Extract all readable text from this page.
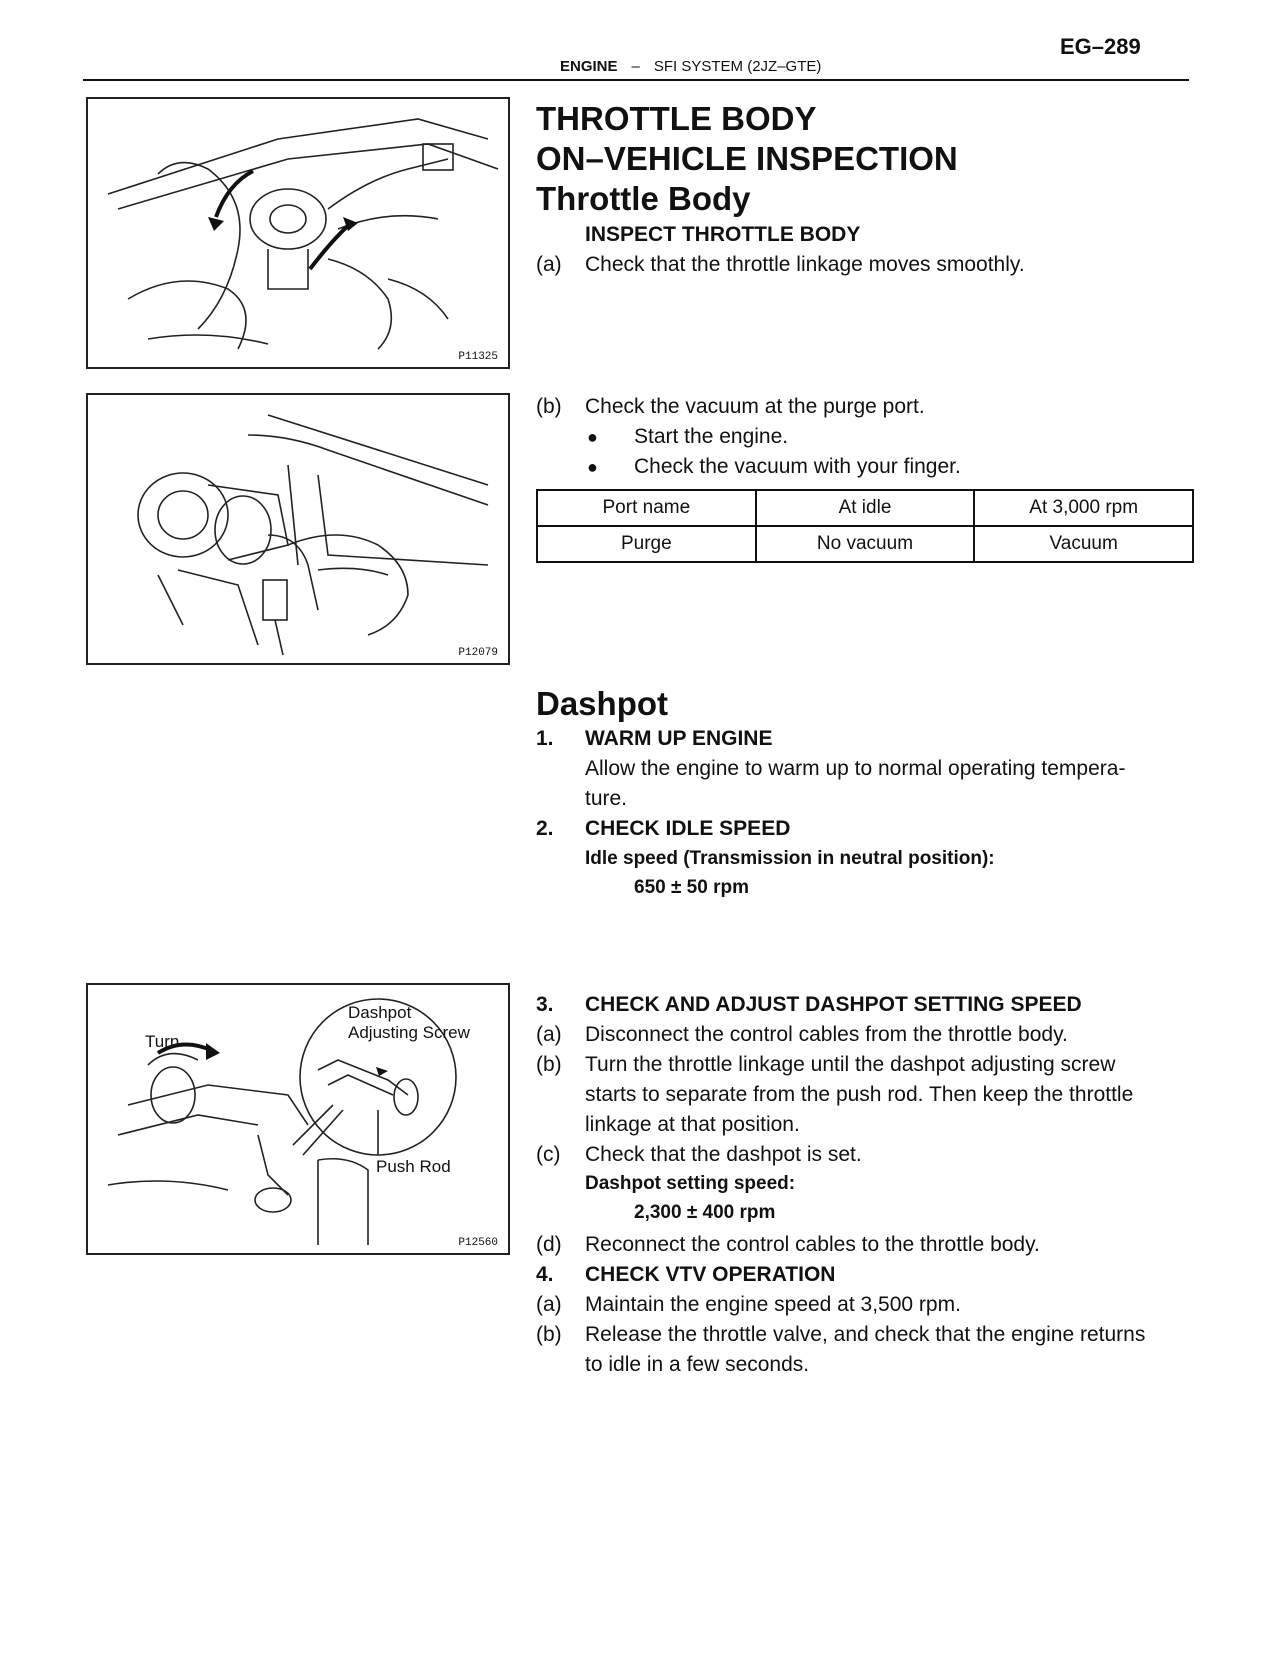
EG–289
ENGINE – SFI SYSTEM (2JZ–GTE)
P11325
P12079
Turn
Dashpot
Adjusting Screw
Push Rod
P12560
THROTTLE BODY
ON–VEHICLE INSPECTION
Throttle Body
INSPECT THROTTLE BODY
(a) Check that the throttle linkage moves smoothly.
(b) Check the vacuum at the purge port.
● Start the engine.
● Check the vacuum with your finger.
Port name	At idle	At 3,000 rpm
Purge	No vacuum	Vacuum
Dashpot
1. WARM UP ENGINE
Allow the engine to warm up to normal operating tempera-
ture.
2. CHECK IDLE SPEED
Idle speed (Transmission in neutral position):
650 ± 50 rpm
3. CHECK AND ADJUST DASHPOT SETTING SPEED
(a) Disconnect the control cables from the throttle body.
(b) Turn the throttle linkage until the dashpot adjusting screw
starts to separate from the push rod. Then keep the throttle
linkage at that position.
(c) Check that the dashpot is set.
Dashpot setting speed:
2,300 ± 400 rpm
(d) Reconnect the control cables to the throttle body.
4. CHECK VTV OPERATION
(a) Maintain the engine speed at 3,500 rpm.
(b) Release the throttle valve, and check that the engine returns
to idle in a few seconds.
